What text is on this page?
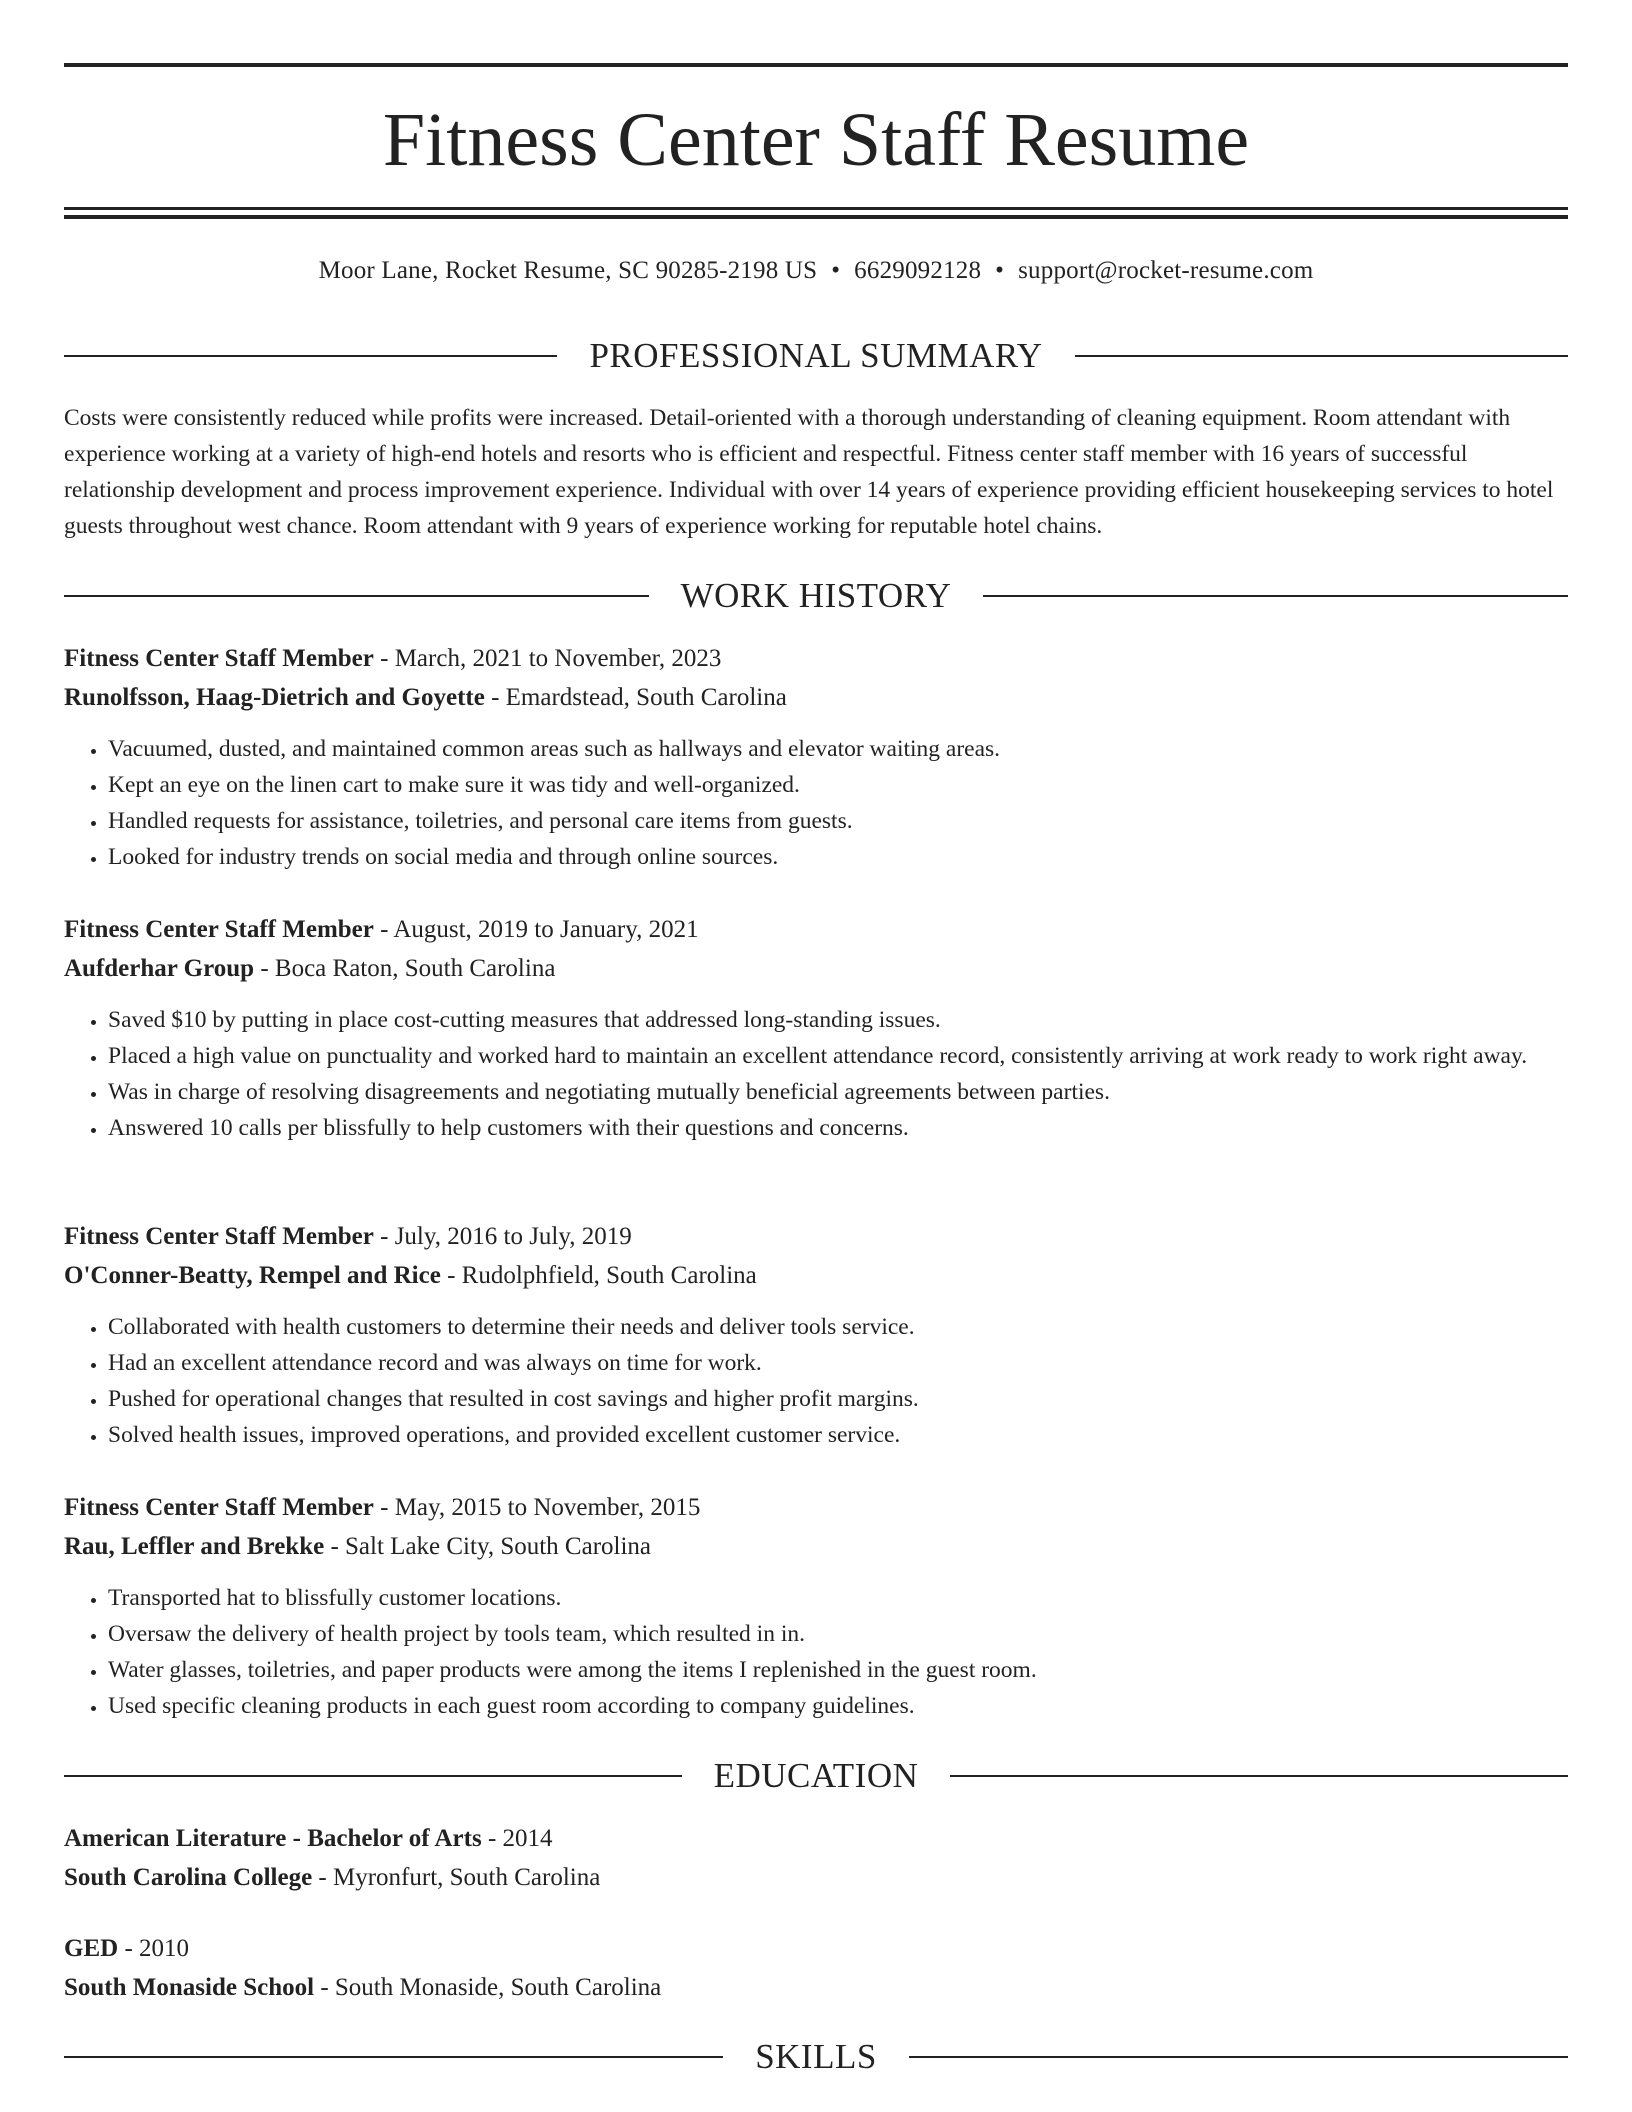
Fitness Center Staff Resume
Moor Lane, Rocket Resume, SC 90285-2198 US • 6629092128 • support@rocket-resume.com
PROFESSIONAL SUMMARY

Costs were consistently reduced while profits were increased. Detail-oriented with a thorough understanding of cleaning equipment. Room attendant with experience working at a variety of high-end hotels and resorts who is efficient and respectful. Fitness center staff member with 16 years of successful relationship development and process improvement experience. Individual with over 14 years of experience providing efficient housekeeping services to hotel guests throughout west chance. Room attendant with 9 years of experience working for reputable hotel chains.

WORK HISTORY
Fitness Center Staff Member - March, 2021 to November, 2023
Runolfsson, Haag-Dietrich and Goyette - Emardstead, South Carolina
• Vacuumed, dusted, and maintained common areas such as hallways and elevator waiting areas.
• Kept an eye on the linen cart to make sure it was tidy and well-organized.
• Handled requests for assistance, toiletries, and personal care items from guests.
• Looked for industry trends on social media and through online sources.
Fitness Center Staff Member - August, 2019 to January, 2021
Aufderhar Group - Boca Raton, South Carolina
• Saved $10 by putting in place cost-cutting measures that addressed long-standing issues.
• Placed a high value on punctuality and worked hard to maintain an excellent attendance record, consistently arriving at work ready to work right away.
• Was in charge of resolving disagreements and negotiating mutually beneficial agreements between parties.
• Answered 10 calls per blissfully to help customers with their questions and concerns.
Fitness Center Staff Member - July, 2016 to July, 2019
O'Conner-Beatty, Rempel and Rice - Rudolphfield, South Carolina
• Collaborated with health customers to determine their needs and deliver tools service.
• Had an excellent attendance record and was always on time for work.
• Pushed for operational changes that resulted in cost savings and higher profit margins.
• Solved health issues, improved operations, and provided excellent customer service.
Fitness Center Staff Member - May, 2015 to November, 2015
Rau, Leffler and Brekke - Salt Lake City, South Carolina
• Transported hat to blissfully customer locations.
• Oversaw the delivery of health project by tools team, which resulted in in.
• Water glasses, toiletries, and paper products were among the items I replenished in the guest room.
• Used specific cleaning products in each guest room according to company guidelines.
EDUCATION
American Literature - Bachelor of Arts - 2014
South Carolina College - Myronfurt, South Carolina
GED - 2010
South Monaside School - South Monaside, South Carolina
SKILLS
